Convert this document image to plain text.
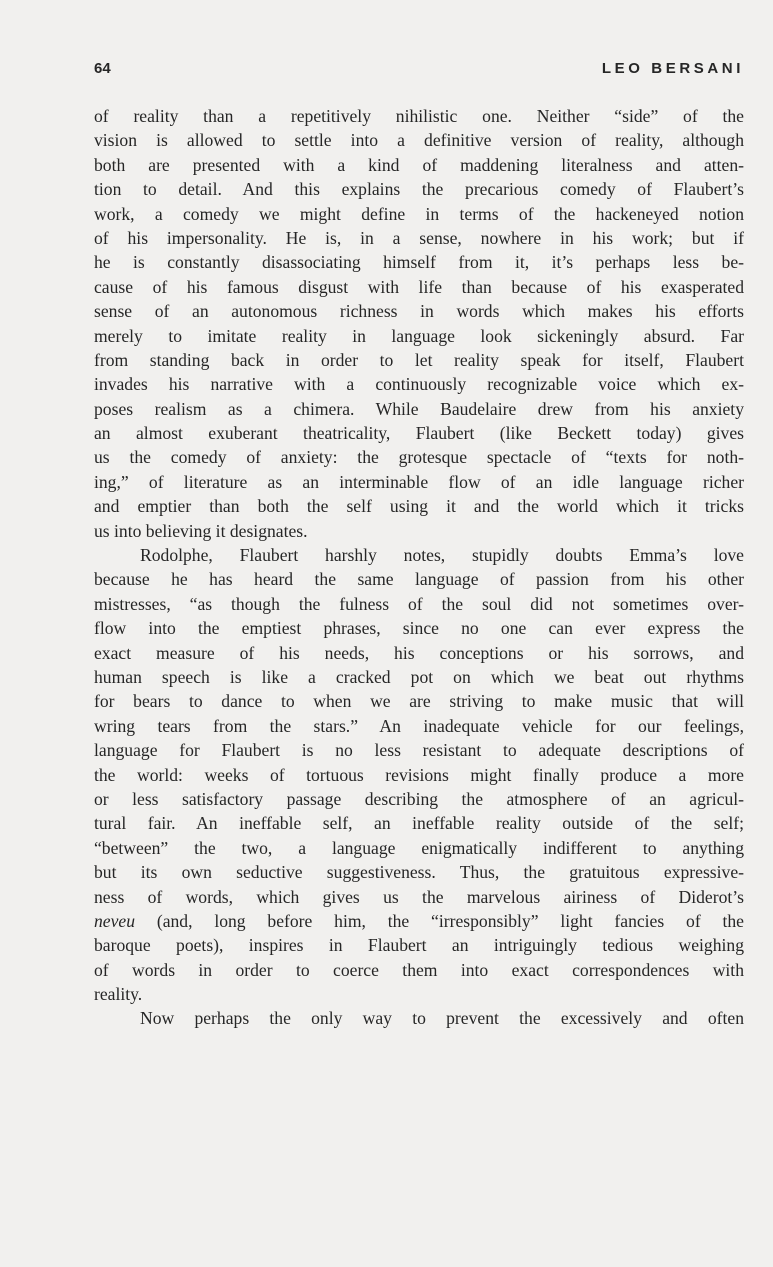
64	LEO BERSANI
of reality than a repetitively nihilistic one. Neither “side” of the
vision is allowed to settle into a definitive version of reality, although
both are presented with a kind of maddening literalness and atten-
tion to detail. And this explains the precarious comedy of Flaubert’s
work, a comedy we might define in terms of the hackeneyed notion
of his impersonality. He is, in a sense, nowhere in his work; but if
he is constantly disassociating himself from it, it’s perhaps less be-
cause of his famous disgust with life than because of his exasperated
sense of an autonomous richness in words which makes his efforts
merely to imitate reality in language look sickeningly absurd. Far
from standing back in order to let reality speak for itself, Flaubert
invades his narrative with a continuously recognizable voice which ex-
poses realism as a chimera. While Baudelaire drew from his anxiety
an almost exuberant theatricality, Flaubert (like Beckett today) gives
us the comedy of anxiety: the grotesque spectacle of “texts for noth-
ing,” of literature as an interminable flow of an idle language richer
and emptier than both the self using it and the world which it tricks
us into believing it designates.
Rodolphe, Flaubert harshly notes, stupidly doubts Emma’s love
because he has heard the same language of passion from his other
mistresses, “as though the fulness of the soul did not sometimes over-
flow into the emptiest phrases, since no one can ever express the
exact measure of his needs, his conceptions or his sorrows, and
human speech is like a cracked pot on which we beat out rhythms
for bears to dance to when we are striving to make music that will
wring tears from the stars.” An inadequate vehicle for our feelings,
language for Flaubert is no less resistant to adequate descriptions of
the world: weeks of tortuous revisions might finally produce a more
or less satisfactory passage describing the atmosphere of an agricul-
tural fair. An ineffable self, an ineffable reality outside of the self;
“between” the two, a language enigmatically indifferent to anything
but its own seductive suggestiveness. Thus, the gratuitous expressive-
ness of words, which gives us the marvelous airiness of Diderot’s
neveu (and, long before him, the “irresponsibly” light fancies of the
baroque poets), inspires in Flaubert an intriguingly tedious weighing
of words in order to coerce them into exact correspondences with
reality.
Now perhaps the only way to prevent the excessively and often
